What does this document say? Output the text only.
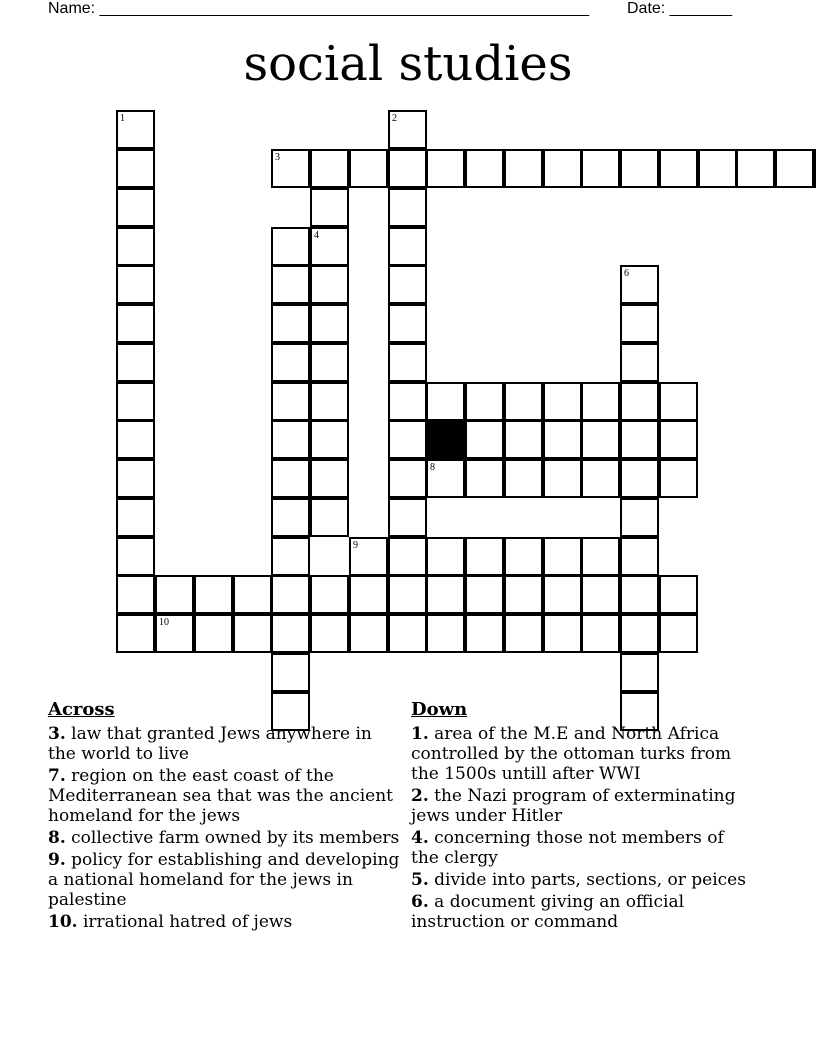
Name: _______________________________________________________ Date: _______
social studies
1	2
3
4
6
8
9
10
Across
3. law that granted Jews anywhere in the world to live
7. region on the east coast of the Mediterranean sea that was the ancient homeland for the jews
8. collective farm owned by its members
9. policy for establishing and developing a national homeland for the jews in palestine
10. irrational hatred of jews
Down
1. area of the M.E and North Africa controlled by the ottoman turks from the 1500s untill after WWI
2. the Nazi program of exterminating jews under Hitler
4. concerning those not members of the clergy
5. divide into parts, sections, or peices
6. a document giving an official instruction or command
